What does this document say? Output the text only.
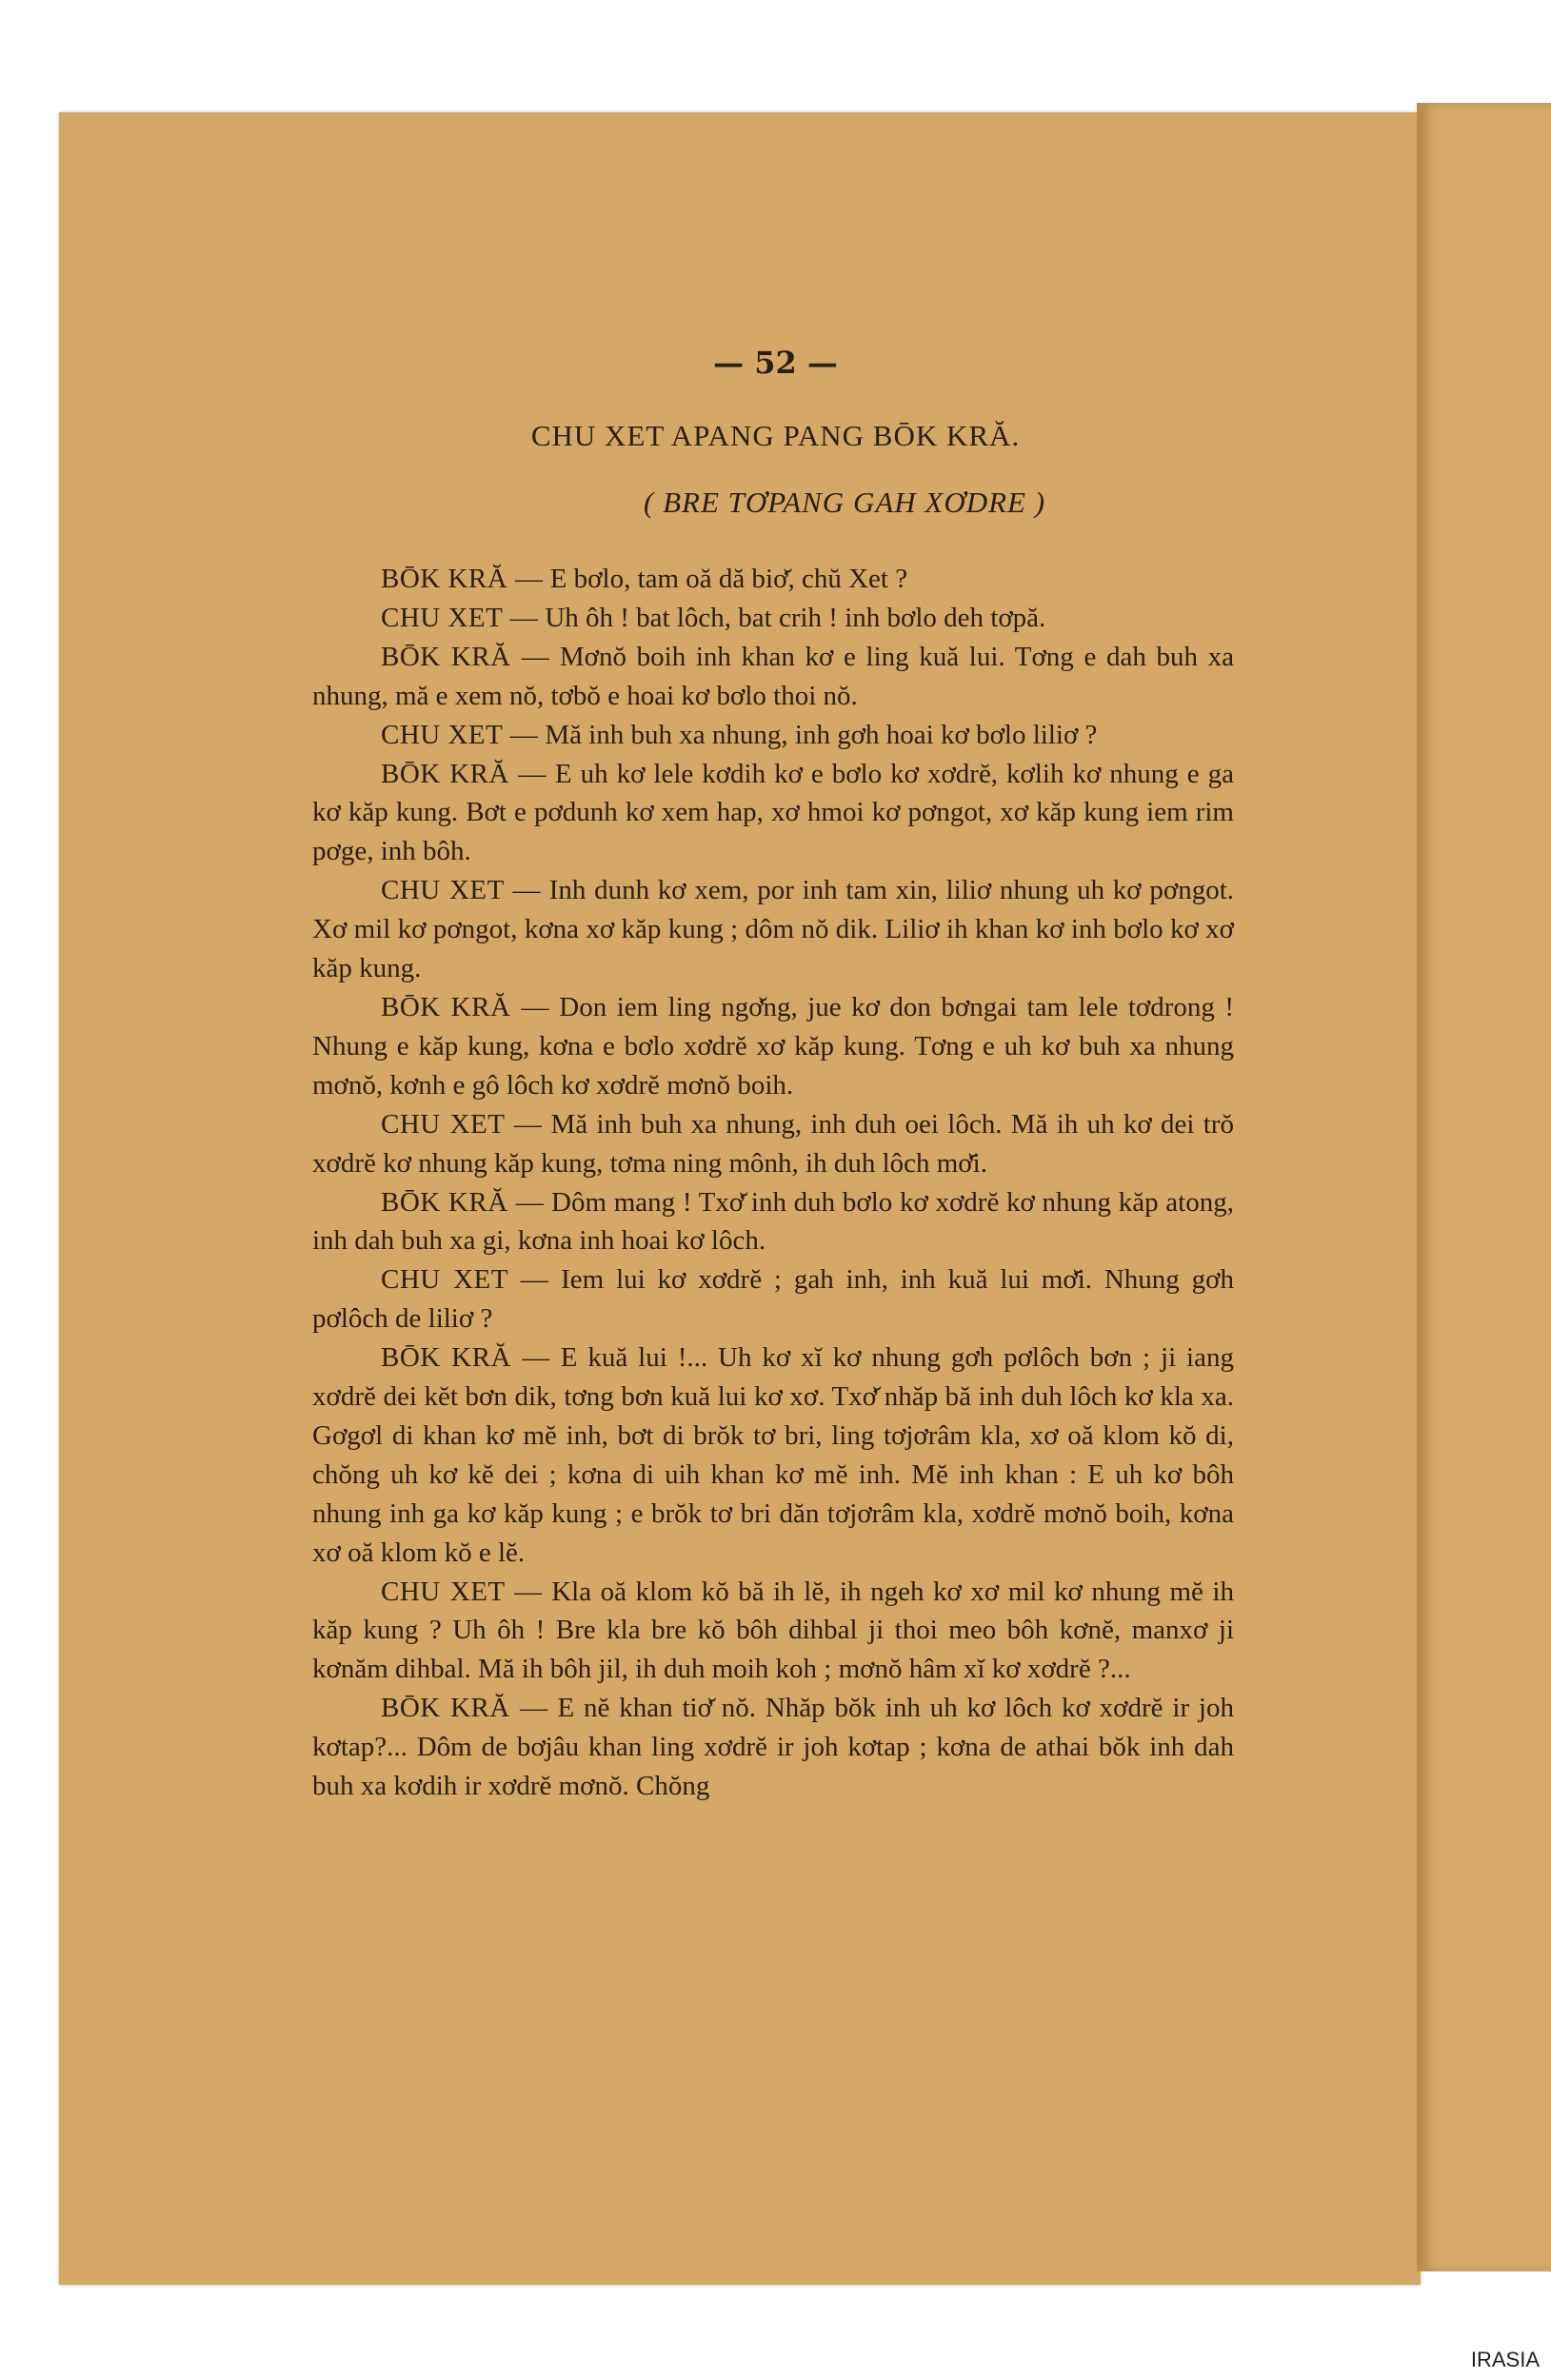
— 52 —
CHU XET APANG PANG BŌK KRĂ.
( BRE TƠPANG GAH XƠDRE )

BŌK KRĂ — E bơlo, tam oă dă biơ̆, chŭ Xet ?

CHU XET — Uh ôh ! bat lôch, bat crih ! inh bơlo deh tơpă.

BŌK KRĂ — Mơnŏ boih inh khan kơ e ling kuă lui. Tơng e dah buh xa nhung, mă e xem nŏ, tơbŏ e hoai kơ bơlo thoi nŏ.

CHU XET — Mă inh buh xa nhung, inh gơh hoai kơ bơlo liliơ ?

BŌK KRĂ — E uh kơ lele kơdih kơ e bơlo kơ xơdrĕ, kơlih kơ nhung e ga kơ kăp kung. Bơt e pơdunh kơ xem hap, xơ hmoi kơ pơngot, xơ kăp kung iem rim pơge, inh bôh.

CHU XET — Inh dunh kơ xem, por inh tam xin, liliơ nhung uh kơ pơngot. Xơ mil kơ pơngot, kơna xơ kăp kung ; dôm nŏ dik. Liliơ ih khan kơ inh bơlo kơ xơ kăp kung.

BŌK KRĂ — Don iem ling ngơ̆ng, jue kơ don bơngai tam lele tơdrong ! Nhung e kăp kung, kơna e bơlo xơdrĕ xơ kăp kung. Tơng e uh kơ buh xa nhung mơnŏ, kơnh e gô lôch kơ xơdrĕ mơnŏ boih.

CHU XET — Mă inh buh xa nhung, inh duh oei lôch. Mă ih uh kơ dei trŏ xơdrĕ kơ nhung kăp kung, tơma ning mônh, ih duh lôch mơ̆i.

BŌK KRĂ — Dôm mang ! Txơ̆ inh duh bơlo kơ xơdrĕ kơ nhung kăp atong, inh dah buh xa gi, kơna inh hoai kơ lôch.

CHU XET — Iem lui kơ xơdrĕ ; gah inh, inh kuă lui mơ̆i. Nhung gơh pơlôch de liliơ ?

BŌK KRĂ — E kuă lui !... Uh kơ xĭ kơ nhung gơh pơlôch bơn ; ji iang xơdrĕ dei kĕt bơn dik, tơng bơn kuă lui kơ xơ. Txơ̆ nhăp bă inh duh lôch kơ kla xa. Gơgơl di khan kơ mĕ inh, bơt di brŏk tơ bri, ling tơjơrâm kla, xơ oă klom kŏ di, chŏng uh kơ kĕ dei ; kơna di uih khan kơ mĕ inh. Mĕ inh khan : E uh kơ bôh nhung inh ga kơ kăp kung ; e brŏk tơ bri dăn tơjơrâm kla, xơdrĕ mơnŏ boih, kơna xơ oă klom kŏ e lĕ.

CHU XET — Kla oă klom kŏ bă ih lĕ, ih ngeh kơ xơ mil kơ nhung mĕ ih kăp kung ? Uh ôh ! Bre kla bre kŏ bôh dihbal ji thoi meo bôh kơnĕ, manxơ ji kơnăm dihbal. Mă ih bôh jil, ih duh moih koh ; mơnŏ hâm xĭ kơ xơdrĕ ?...

BŌK KRĂ — E nĕ khan tiơ̆ nŏ. Nhăp bŏk inh uh kơ lôch kơ xơdrĕ ir joh kơtap?... Dôm de bơjâu khan ling xơdrĕ ir joh kơtap ; kơna de athai bŏk inh dah buh xa kơdih ir xơdrĕ mơnŏ. Chŏng

IRASIA
